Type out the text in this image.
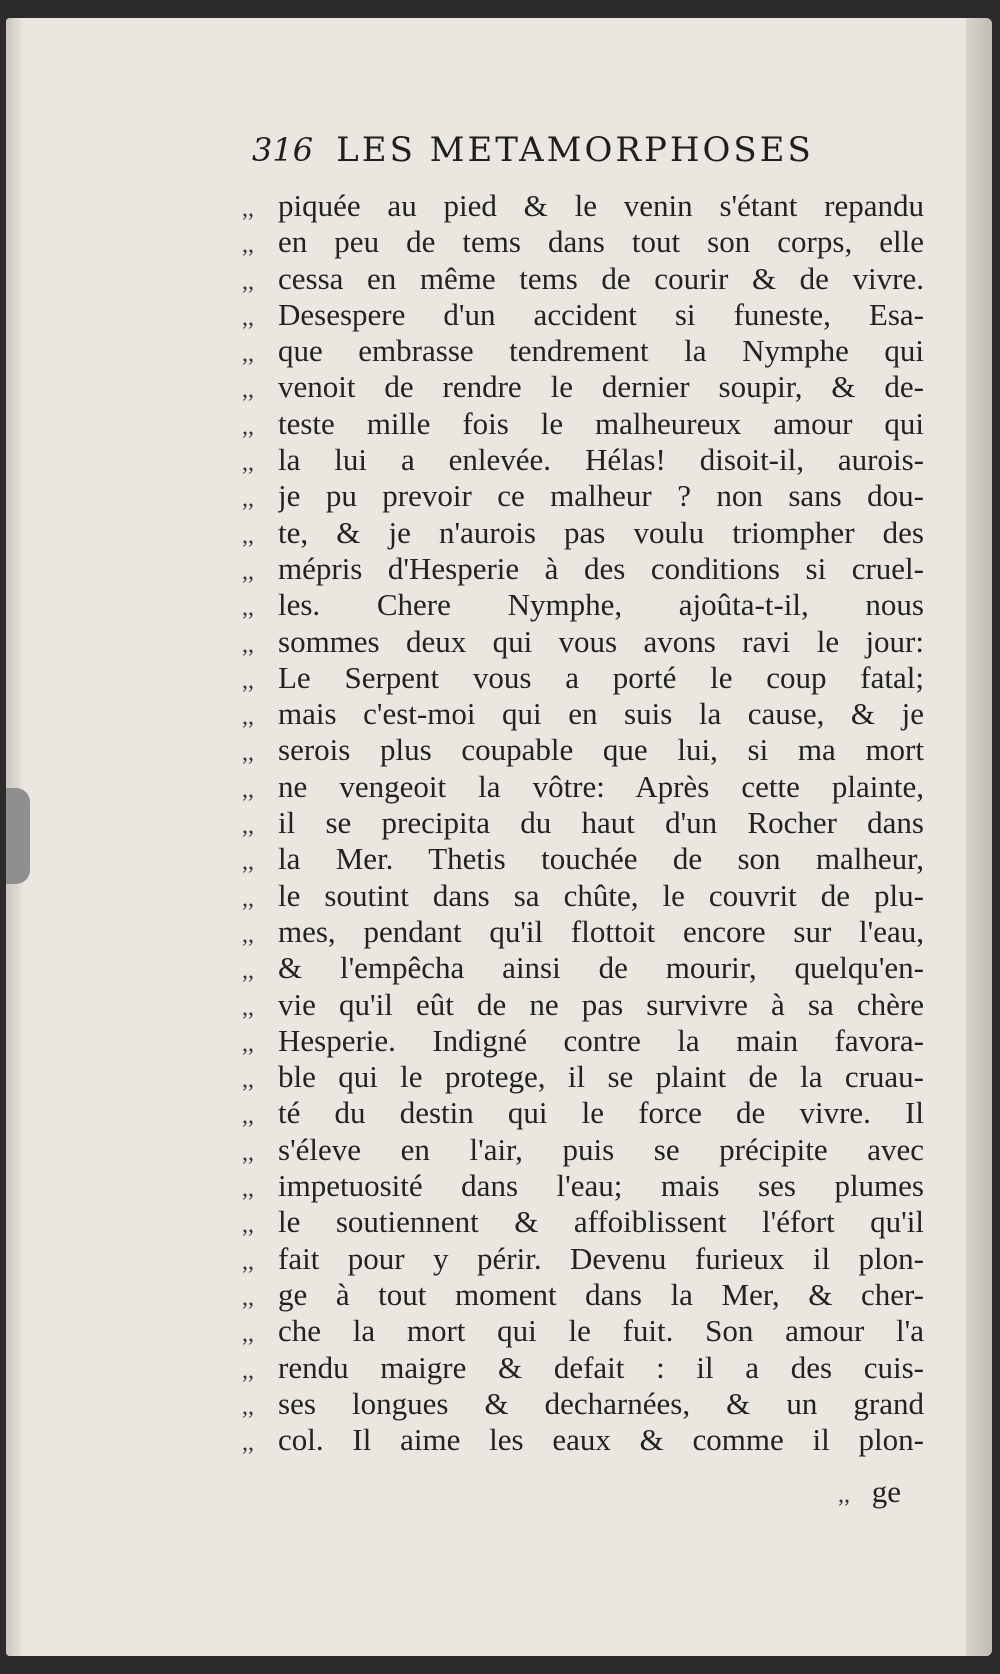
316 LES METAMORPHOSES
,, piquée au pied & le venin s'étant repandu
,, en peu de tems dans tout son corps, elle
,, cessa en même tems de courir & de vivre.
,, Desespere d'un accident si funeste, Esa-
,, que embrasse tendrement la Nymphe qui
,, venoit de rendre le dernier soupir, & de-
,, teste mille fois le malheureux amour qui
,, la lui a enlevée. Hélas! disoit-il, aurois-
,, je pu prevoir ce malheur ? non sans dou-
,, te, & je n'aurois pas voulu triompher des
,, mépris d'Hesperie à des conditions si cruel-
,, les. Chere Nymphe, ajoûta-t-il, nous
,, sommes deux qui vous avons ravi le jour:
,, Le Serpent vous a porté le coup fatal;
,, mais c'est-moi qui en suis la cause, & je
,, serois plus coupable que lui, si ma mort
,, ne vengeoit la vôtre: Après cette plainte,
,, il se precipita du haut d'un Rocher dans
,, la Mer. Thetis touchée de son malheur,
,, le soutint dans sa chûte, le couvrit de plu-
,, mes, pendant qu'il flottoit encore sur l'eau,
,, & l'empêcha ainsi de mourir, quelqu'en-
,, vie qu'il eût de ne pas survivre à sa chère
,, Hesperie. Indigné contre la main favora-
,, ble qui le protege, il se plaint de la cruau-
,, té du destin qui le force de vivre. Il
,, s'éleve en l'air, puis se précipite avec
,, impetuosité dans l'eau; mais ses plumes
,, le soutiennent & affoiblissent l'éfort qu'il
,, fait pour y périr. Devenu furieux il plon-
,, ge à tout moment dans la Mer, & cher-
,, che la mort qui le fuit. Son amour l'a
,, rendu maigre & defait : il a des cuis-
,, ses longues & decharnées, & un grand
,, col. Il aime les eaux & comme il plon-
,, ge
